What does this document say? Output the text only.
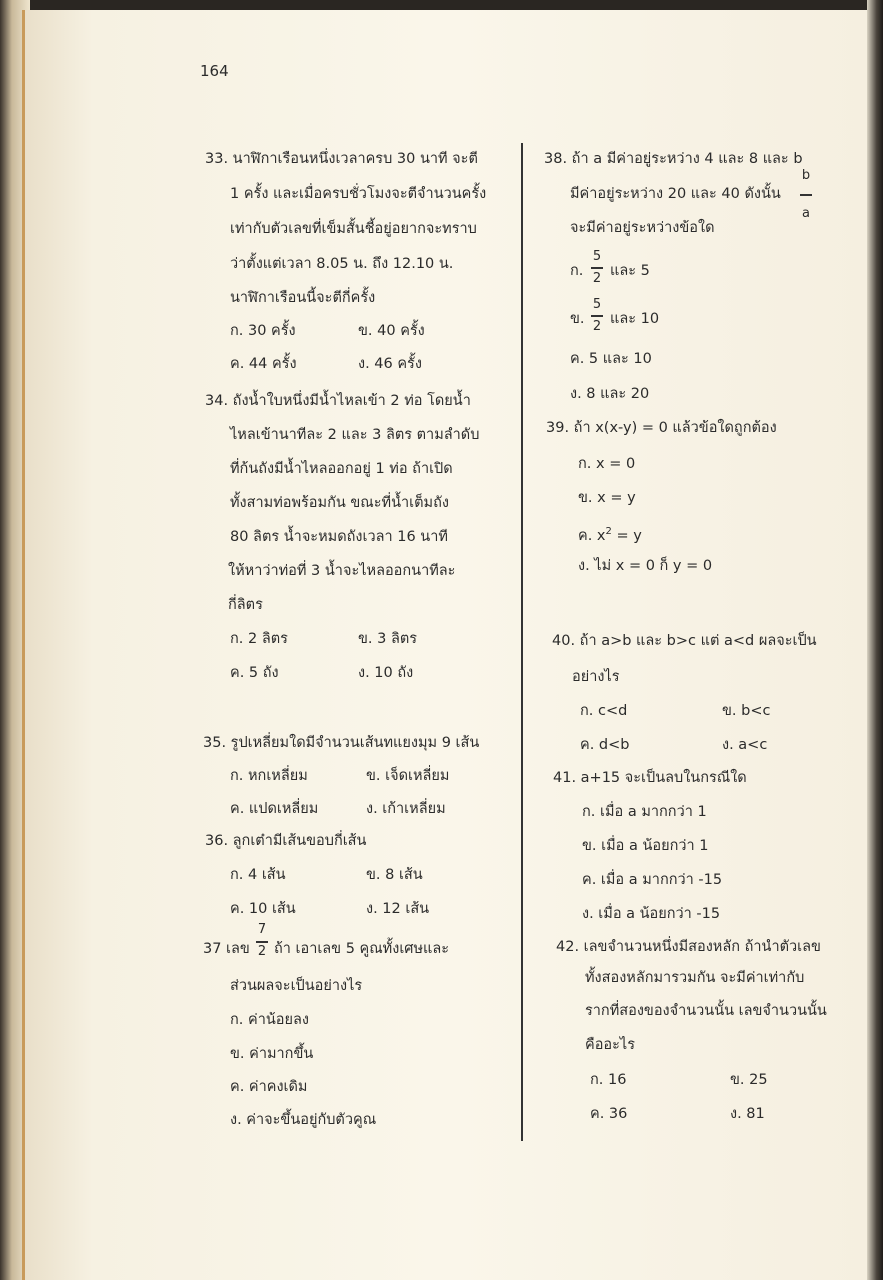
164
33. นาฬิกาเรือนหนึ่งเวลาครบ 30 นาที จะตี
1 ครั้ง และเมื่อครบชั่วโมงจะตีจำนวนครั้ง
เท่ากับตัวเลขที่เข็มสั้นชี้อยู่อยากจะทราบ
ว่าตั้งแต่เวลา 8.05 น. ถึง 12.10 น.
นาฬิกาเรือนนี้จะตีกี่ครั้ง
ก. 30 ครั้ง	ข. 40 ครั้ง
ค. 44 ครั้ง	ง. 46 ครั้ง
34. ถังน้ำใบหนึ่งมีน้ำไหลเข้า 2 ท่อ โดยน้ำ
ไหลเข้านาทีละ 2 และ 3 ลิตร ตามลำดับ
ที่ก้นถังมีน้ำไหลออกอยู่ 1 ท่อ ถ้าเปิด
ทั้งสามท่อพร้อมกัน ขณะที่น้ำเต็มถัง
80 ลิตร น้ำจะหมดถังเวลา 16 นาที
ให้หาว่าท่อที่ 3 น้ำจะไหลออกนาทีละ
กี่ลิตร
ก. 2 ลิตร	ข. 3 ลิตร
ค. 5 ถัง	ง. 10 ถัง
35. รูปเหลี่ยมใดมีจำนวนเส้นทแยงมุม 9 เส้น
ก. หกเหลี่ยม	ข. เจ็ดเหลี่ยม
ค. แปดเหลี่ยม	ง. เก้าเหลี่ยม
36. ลูกเต๋ามีเส้นขอบกี่เส้น
ก. 4 เส้น	ข. 8 เส้น
ค. 10 เส้น	ง. 12 เส้น
37 เลข
7
2 ถ้า เอาเลข 5 คูณทั้งเศษและ
ส่วนผลจะเป็นอย่างไร
ก. ค่าน้อยลง
ข. ค่ามากขึ้น
ค. ค่าคงเดิม
ง. ค่าจะขึ้นอยู่กับตัวคูณ
38. ถ้า a มีค่าอยู่ระหว่าง 4 และ 8 และ b
มีค่าอยู่ระหว่าง 20 และ 40 ดังนั้น
b
a
จะมีค่าอยู่ระหว่างข้อใด
ก.
5
2 และ 5
ข.
5
2 และ 10
ค. 5 และ 10
ง. 8 และ 20
39. ถ้า x(x-y) = 0 แล้วข้อใดถูกต้อง
ก. x = 0
ข. x = y
ค. $x^2 = y$
ง. ไม่ x = 0 ก็ y = 0
40. ถ้า a>b และ b>c แต่ a<d ผลจะเป็น
อย่างไร
ก. c<d	ข. b<c
ค. d<b	ง. a<c
41. a+15 จะเป็นลบในกรณีใด
ก. เมื่อ a มากกว่า 1
ข. เมื่อ a น้อยกว่า 1
ค. เมื่อ a มากกว่า -15
ง. เมื่อ a น้อยกว่า -15
42. เลขจำนวนหนึ่งมีสองหลัก ถ้านำตัวเลข
ทั้งสองหลักมารวมกัน จะมีค่าเท่ากับ
รากที่สองของจำนวนนั้น เลขจำนวนนั้น
คืออะไร
ก. 16	ข. 25
ค. 36	ง. 81
